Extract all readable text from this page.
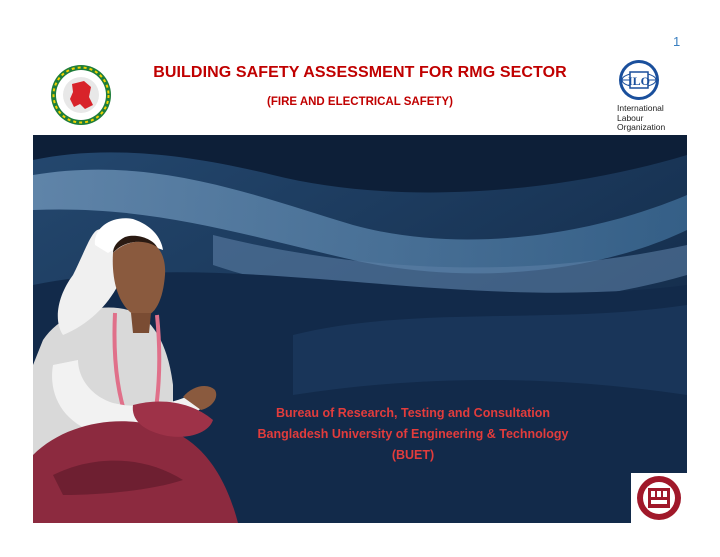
1
BUILDING SAFETY ASSESSMENT FOR RMG SECTOR
(FIRE AND ELECTRICAL SAFETY)
ILO
International
Labour
Organization
Bureau of Research, Testing and Consultation
Bangladesh University of Engineering & Technology
(BUET)
